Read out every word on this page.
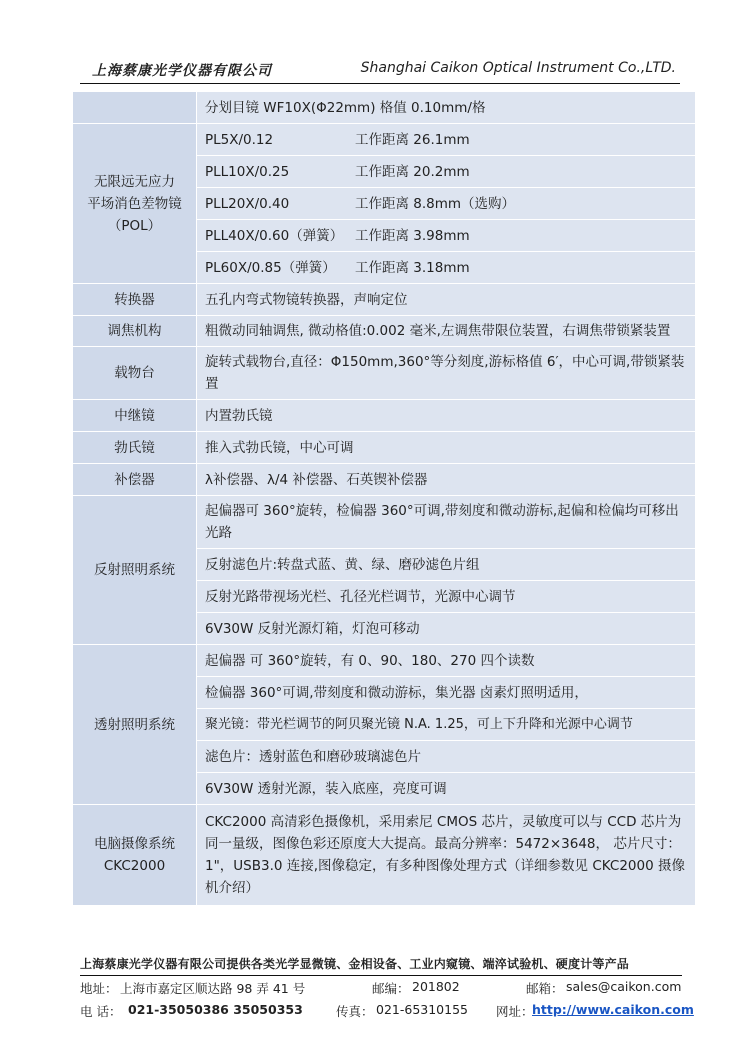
上海蔡康光学仪器有限公司	Shanghai Caikon Optical Instrument Co.,LTD.
	分划目镜 WF10X(Φ22mm) 格值 0.10mm/格

无限远无应力
平场消色差物镜
（POL）	PL5X/0.12 工作距离 26.1mm
	PLL10X/0.25 工作距离 20.2mm
	PLL20X/0.40 工作距离 8.8mm（选购）
	PLL40X/0.60（弹簧） 工作距离 3.98mm
	PL60X/0.85（弹簧） 工作距离 3.18mm
转换器	五孔内弯式物镜转换器，声响定位
调焦机构	粗微动同轴调焦, 微动格值:0.002 毫米,左调焦带限位装置，右调焦带锁紧装置
载物台	旋转式载物台,直径：Φ150mm,360°等分刻度,游标格值 6′，中心可调,带锁紧装置
中继镜	内置勃氏镜
勃氏镜	推入式勃氏镜，中心可调
补偿器	λ补偿器、λ/4 补偿器、石英锲补偿器
反射照明系统	起偏器可 360°旋转，检偏器 360°可调,带刻度和微动游标,起偏和检偏均可移出光路
	反射滤色片:转盘式蓝、黄、绿、磨砂滤色片组
	反射光路带视场光栏、孔径光栏调节，光源中心调节
	6V30W 反射光源灯箱，灯泡可移动
透射照明系统	起偏器 可 360°旋转，有 0、90、180、270 四个读数
	检偏器 360°可调,带刻度和微动游标，集光器 卤素灯照明适用，
	聚光镜：带光栏调节的阿贝聚光镜 N.A. 1.25，可上下升降和光源中心调节
	滤色片：透射蓝色和磨砂玻璃滤色片
	6V30W 透射光源，装入底座，亮度可调

电脑摄像系统
CKC2000	CKC2000 高清彩色摄像机，采用索尼 CMOS 芯片，灵敏度可以与 CCD 芯片为同一量级，图像色彩还原度大大提高。最高分辨率：5472×3648， 芯片尺寸：1"，USB3.0 连接,图像稳定，有多种图像处理方式（详细参数见 CKC2000 摄像机介绍）
上海蔡康光学仪器有限公司提供各类光学显微镜、金相设备、工业内窥镜、端淬试验机、硬度计等产品
地址： 上海市嘉定区顺达路 98 弄 41 号	邮编： 201802	邮箱： sales@caikon.com
电 话： 021-35050386 35050353	传真： 021-65310155 网址：
http://www.caikon.com
